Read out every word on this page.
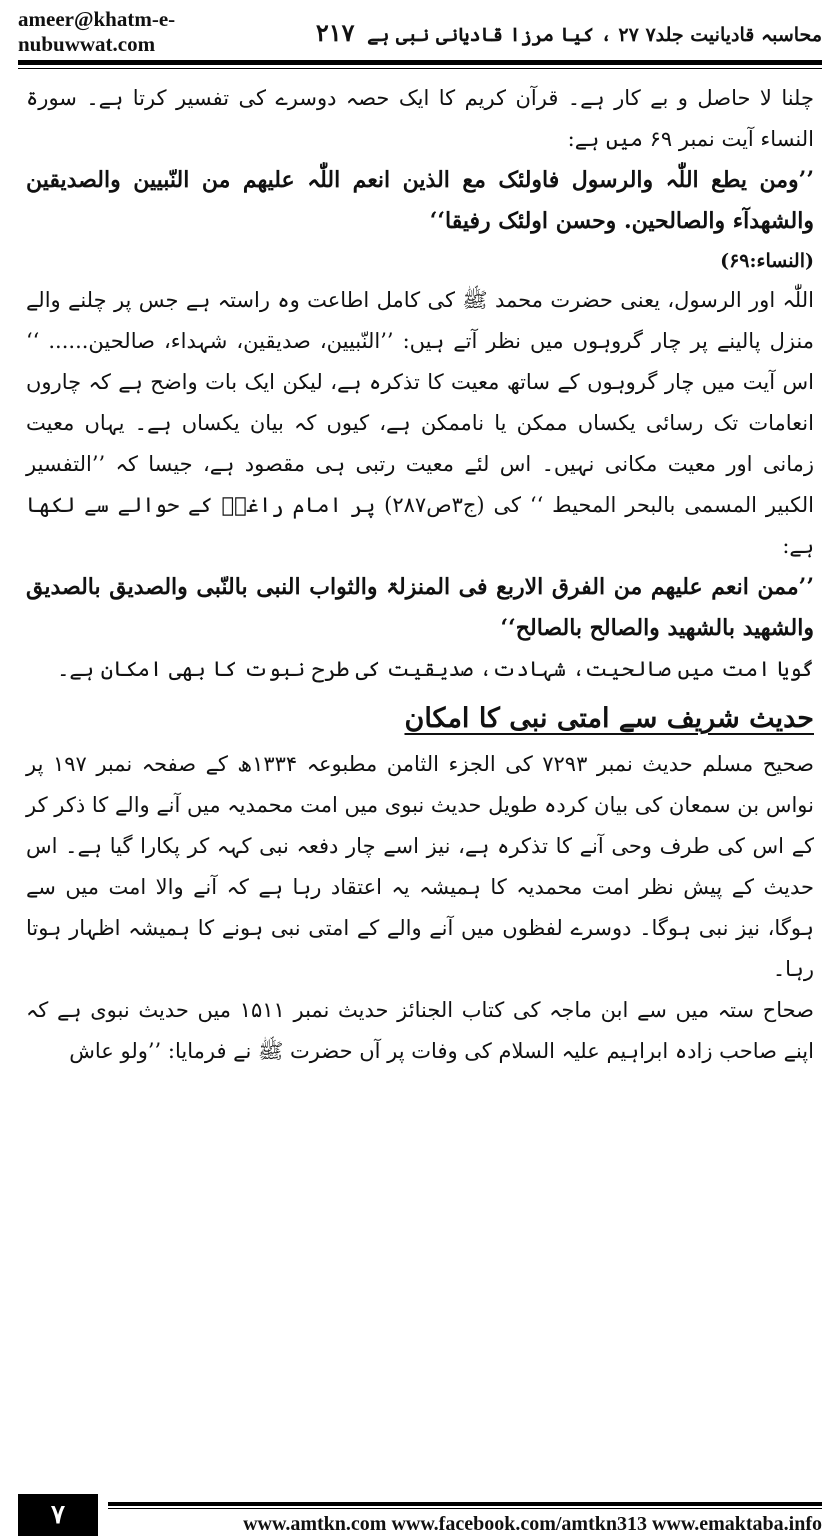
ameer@khatm-e-nubuwwat.com	محاسبہ قادیانیت جلد۷ ۲۷ ، کیا مرزا قادیانی نبی ہے ۲۱۷

چلنا لا حاصل و بے کار ہے۔ قرآن کریم کا ایک حصہ دوسرے کی تفسیر کرتا ہے۔ سورۃ النساء آیت نمبر ۶۹ میں ہے:

’’ومن یطع اللّٰہ والرسول فاولئک مع الذین انعم اللّٰہ علیھم من النّبیین والصدیقین والشھدآء والصالحین. وحسن اولئک رفیقا‘‘

(النساء:۶۹)

اللّٰہ اور الرسول، یعنی حضرت محمد ﷺ کی کامل اطاعت وہ راستہ ہے جس پر چلنے والے منزل پالینے پر چار گروہوں میں نظر آتے ہیں: ’’النّبیین، صدیقین، شہداء، صالحین...... ‘‘ اس آیت میں چار گروہوں کے ساتھ معیت کا تذکرہ ہے، لیکن ایک بات واضح ہے کہ چاروں انعامات تک رسائی یکساں ممکن یا ناممکن ہے، کیوں کہ بیان یکساں ہے۔ یہاں معیت زمانی اور معیت مکانی نہیں۔ اس لئے معیت رتبی ہی مقصود ہے، جیسا کہ ’’التفسیر الکبیر المسمی بالبحر المحیط ‘‘ کی (ج۳ص۲۸۷) پر امام راغبؒ کے حوالے سے لکھا ہے:

’’ممن انعم علیھم من الفرق الاربع فی المنزلۃ والثواب النبی بالنّبی والصدیق بالصدیق والشھید بالشھید والصالح بالصالح‘‘

گویا امت میں صالحیت، شہادت، صدیقیت کی طرح نبوت کا بھی امکان ہے۔

حدیث شریف سے امتی نبی کا امکان

صحیح مسلم حدیث نمبر ۷۲۹۳ کی الجزء الثامن مطبوعہ ۱۳۳۴ھ کے صفحہ نمبر ۱۹۷ پر نواس بن سمعان کی بیان کردہ طویل حدیث نبوی میں امت محمدیہ میں آنے والے کا ذکر کر کے اس کی طرف وحی آنے کا تذکرہ ہے، نیز اسے چار دفعہ نبی کہہ کر پکارا گیا ہے۔ اس حدیث کے پیش نظر امت محمدیہ کا ہمیشہ یہ اعتقاد رہا ہے کہ آنے والا امت میں سے ہوگا، نیز نبی ہوگا۔ دوسرے لفظوں میں آنے والے کے امتی نبی ہونے کا ہمیشہ اظہار ہوتا رہا۔

صحاح ستہ میں سے ابن ماجہ کی کتاب الجنائز حدیث نمبر ۱۵۱۱ میں حدیث نبوی ہے کہ اپنے صاحب زادہ ابراہیم علیہ السلام کی وفات پر آں حضرت ﷺ نے فرمایا: ’’ولو عاش

۷	www.amtkn.com www.facebook.com/amtkn313 www.emaktaba.info
